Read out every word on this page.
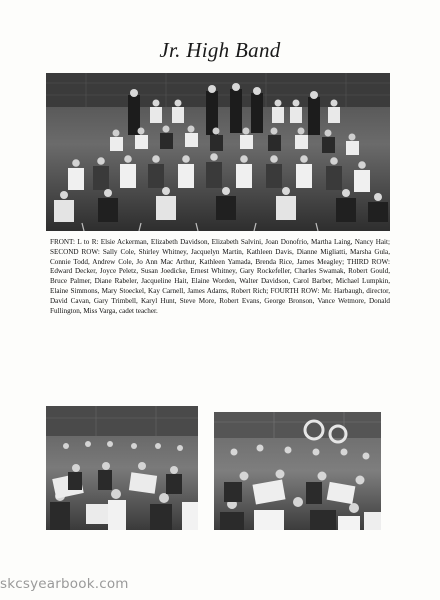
Jr. High Band
FRONT: L to R: Elsie Ackerman, Elizabeth Davidson, Elizabeth Salvini, Joan Donofrio, Martha Laing, Nancy Hait; SECOND ROW: Sally Cole, Shirley Whitney, Jacquelyn Martin, Kathleen Davis, Dianne Migliatti, Marsha Gula, Connie Todd, Andrew Cole, Jo Ann Mac Arthur, Kathleen Yamada, Brenda Rice, James Meagley; THIRD ROW: Edward Decker, Joyce Peletz, Susan Joedicke, Ernest Whitney, Gary Rockefeller, Charles Swamak, Robert Gould, Bruce Palmer, Diane Rabeler, Jacqueline Hait, Elaine Worden, Walter Davidson, Carol Barber, Michael Lumpkin, Elaine Simmons, Mary Stoeckel, Kay Carnell, James Adams, Robert Rich; FOURTH ROW: Mr. Harbaugh, director, David Cavan, Gary Trimbell, Karyl Hunt, Steve More, Robert Evans, George Bronson, Vance Wetmore, Donald Fullington, Miss Varga, cadet teacher.
skcsyearbook.com
